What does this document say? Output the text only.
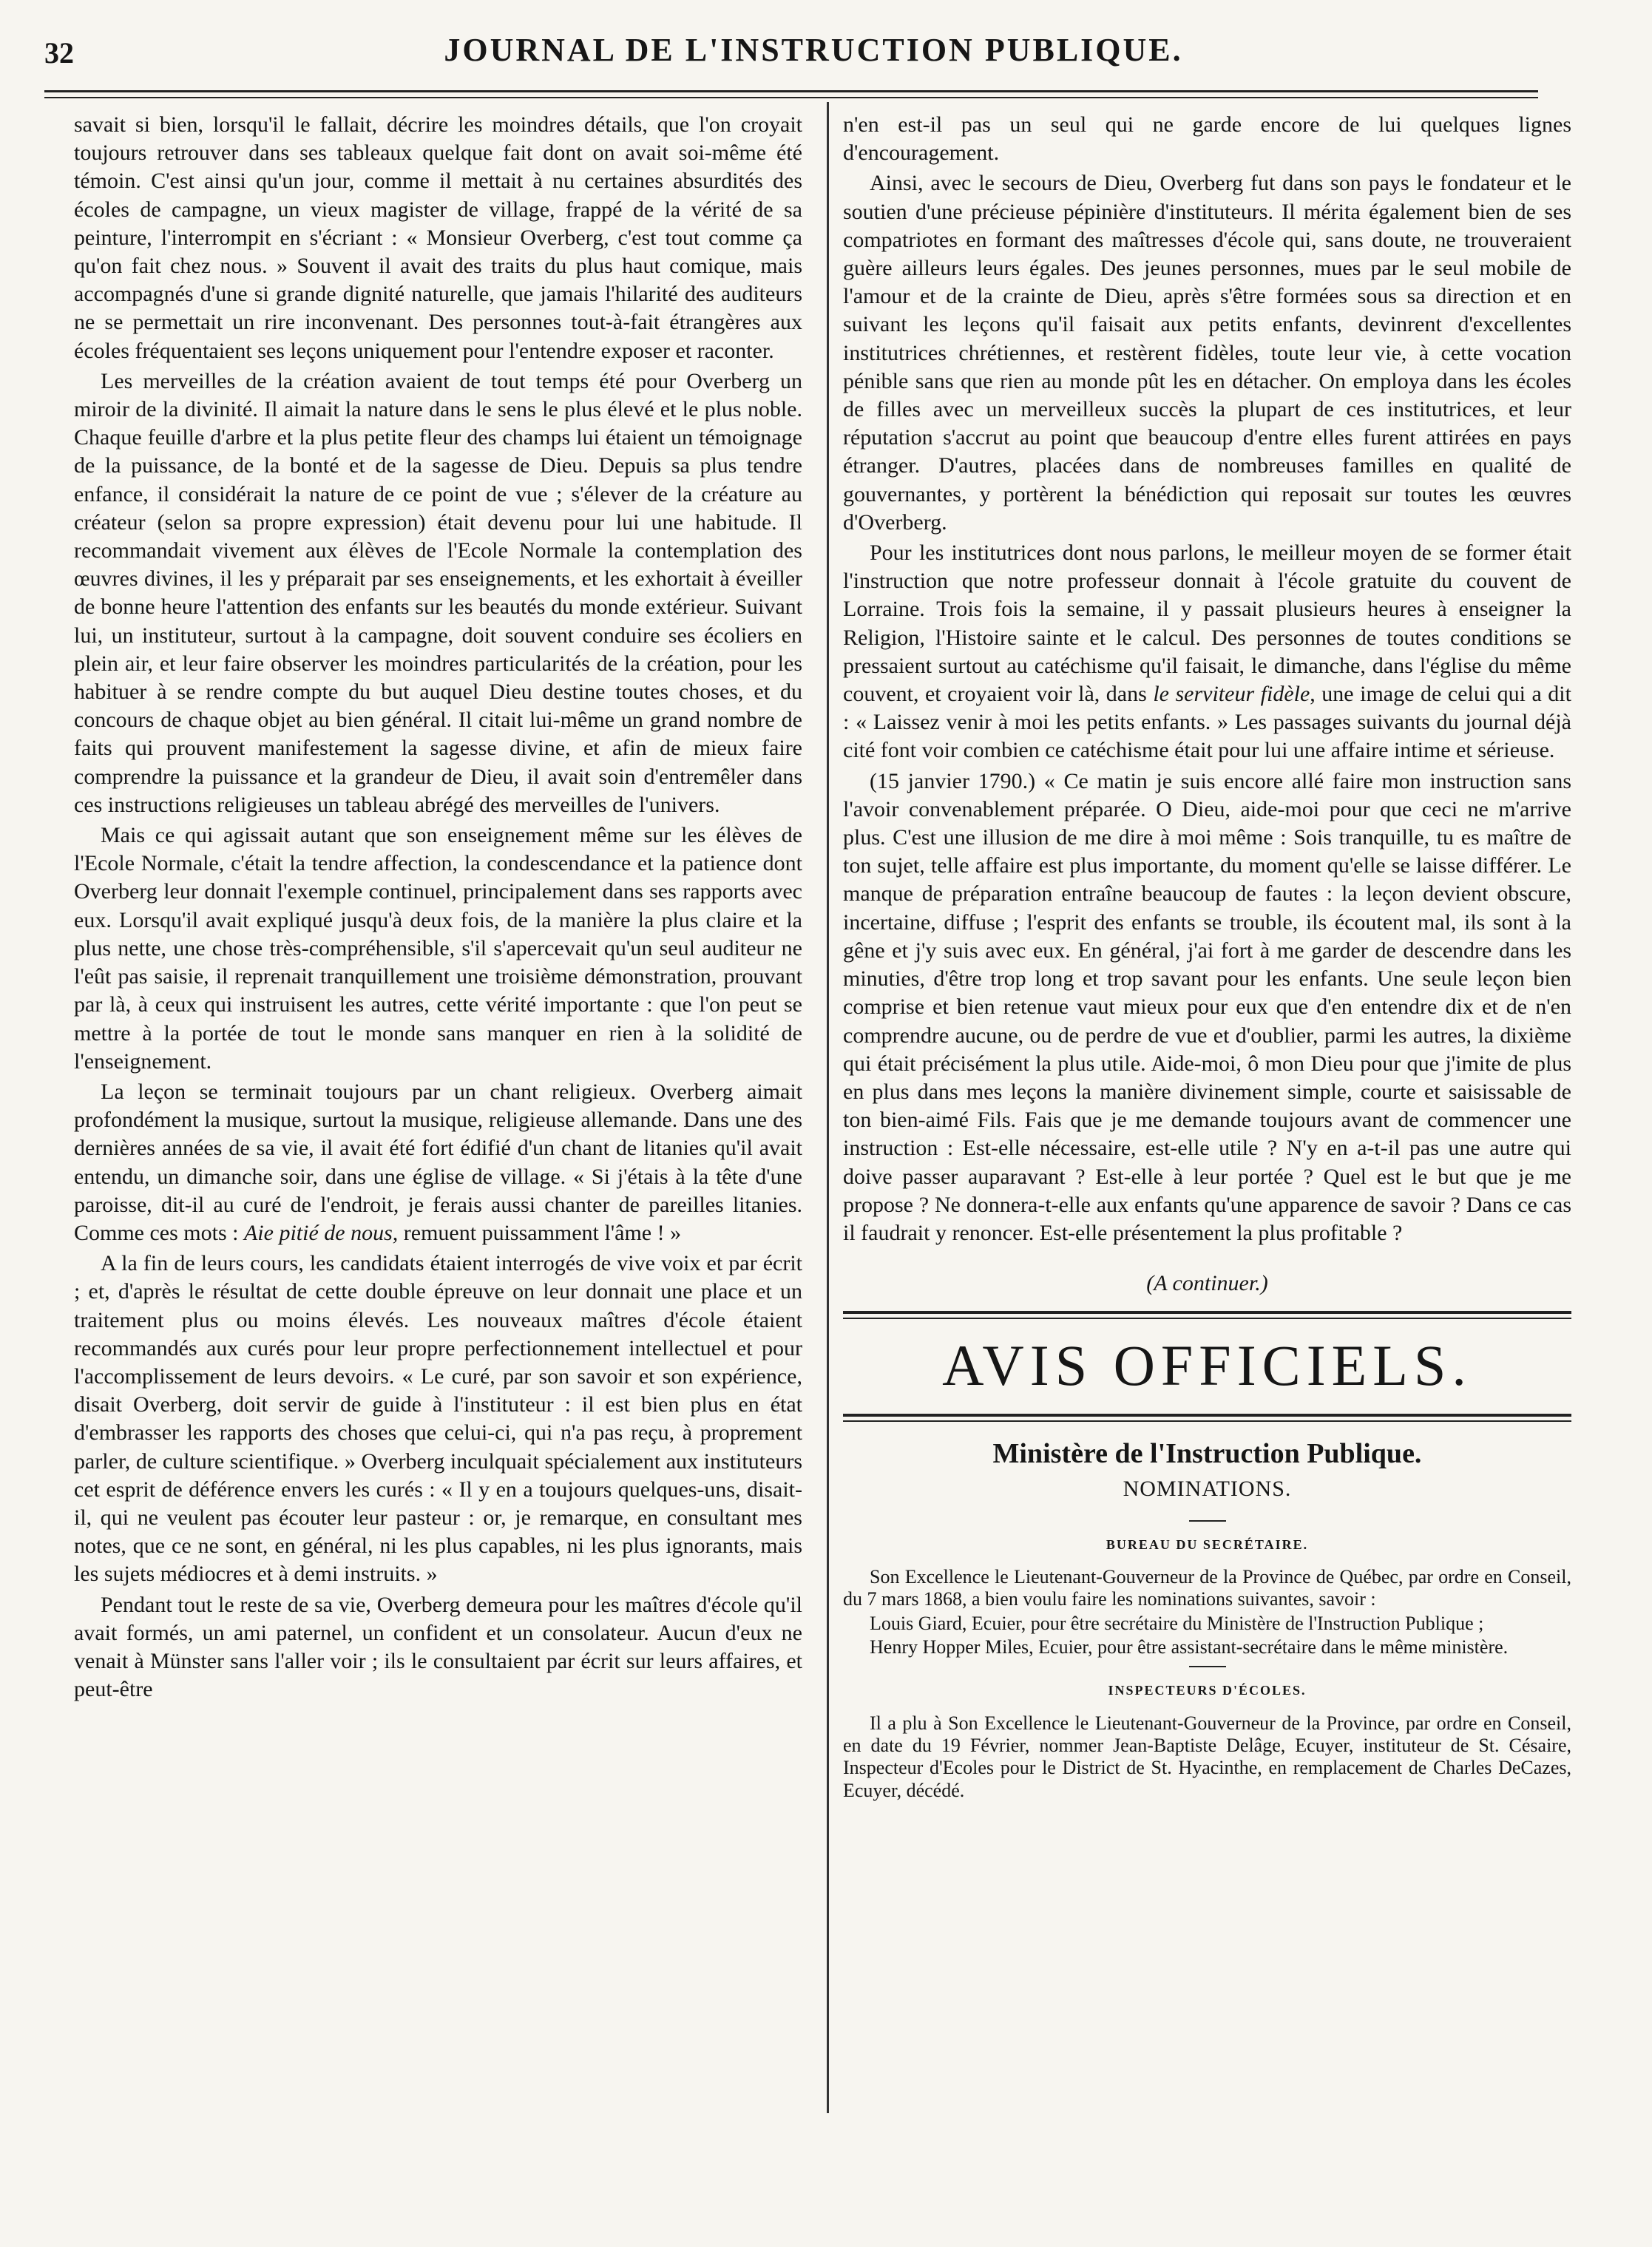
32	JOURNAL DE L'INSTRUCTION PUBLIQUE.

savait si bien, lorsqu'il le fallait, décrire les moindres détails, que l'on croyait toujours retrouver dans ses tableaux quelque fait dont on avait soi-même été témoin. C'est ainsi qu'un jour, comme il mettait à nu certaines absurdités des écoles de campagne, un vieux magister de village, frappé de la vérité de sa peinture, l'interrompit en s'écriant : « Monsieur Overberg, c'est tout comme ça qu'on fait chez nous. » Souvent il avait des traits du plus haut comique, mais accompagnés d'une si grande dignité naturelle, que jamais l'hilarité des auditeurs ne se permettait un rire inconvenant. Des personnes tout-à-fait étrangères aux écoles fréquentaient ses leçons uniquement pour l'entendre exposer et raconter.

Les merveilles de la création avaient de tout temps été pour Overberg un miroir de la divinité. Il aimait la nature dans le sens le plus élevé et le plus noble. Chaque feuille d'arbre et la plus petite fleur des champs lui étaient un témoignage de la puissance, de la bonté et de la sagesse de Dieu. Depuis sa plus tendre enfance, il considérait la nature de ce point de vue ; s'élever de la créature au créateur (selon sa propre expression) était devenu pour lui une habitude. Il recommandait vivement aux élèves de l'Ecole Normale la contemplation des œuvres divines, il les y préparait par ses enseignements, et les exhortait à éveiller de bonne heure l'attention des enfants sur les beautés du monde extérieur. Suivant lui, un instituteur, surtout à la campagne, doit souvent conduire ses écoliers en plein air, et leur faire observer les moindres particularités de la création, pour les habituer à se rendre compte du but auquel Dieu destine toutes choses, et du concours de chaque objet au bien général. Il citait lui-même un grand nombre de faits qui prouvent manifestement la sagesse divine, et afin de mieux faire comprendre la puissance et la grandeur de Dieu, il avait soin d'entremêler dans ces instructions religieuses un tableau abrégé des merveilles de l'univers.

Mais ce qui agissait autant que son enseignement même sur les élèves de l'Ecole Normale, c'était la tendre affection, la condescendance et la patience dont Overberg leur donnait l'exemple continuel, principalement dans ses rapports avec eux. Lorsqu'il avait expliqué jusqu'à deux fois, de la manière la plus claire et la plus nette, une chose très-compréhensible, s'il s'apercevait qu'un seul auditeur ne l'eût pas saisie, il reprenait tranquillement une troisième démonstration, prouvant par là, à ceux qui instruisent les autres, cette vérité importante : que l'on peut se mettre à la portée de tout le monde sans manquer en rien à la solidité de l'enseignement.

La leçon se terminait toujours par un chant religieux. Overberg aimait profondément la musique, surtout la musique, religieuse allemande. Dans une des dernières années de sa vie, il avait été fort édifié d'un chant de litanies qu'il avait entendu, un dimanche soir, dans une église de village. « Si j'étais à la tête d'une paroisse, dit-il au curé de l'endroit, je ferais aussi chanter de pareilles litanies. Comme ces mots : Aie pitié de nous, remuent puissamment l'âme ! »

A la fin de leurs cours, les candidats étaient interrogés de vive voix et par écrit ; et, d'après le résultat de cette double épreuve on leur donnait une place et un traitement plus ou moins élevés. Les nouveaux maîtres d'école étaient recommandés aux curés pour leur propre perfectionnement intellectuel et pour l'accomplissement de leurs devoirs. « Le curé, par son savoir et son expérience, disait Overberg, doit servir de guide à l'instituteur : il est bien plus en état d'embrasser les rapports des choses que celui-ci, qui n'a pas reçu, à proprement parler, de culture scientifique. » Overberg inculquait spécialement aux instituteurs cet esprit de déférence envers les curés : « Il y en a toujours quelques-uns, disait-il, qui ne veulent pas écouter leur pasteur : or, je remarque, en consultant mes notes, que ce ne sont, en général, ni les plus capables, ni les plus ignorants, mais les sujets médiocres et à demi instruits. »

Pendant tout le reste de sa vie, Overberg demeura pour les maîtres d'école qu'il avait formés, un ami paternel, un confident et un consolateur. Aucun d'eux ne venait à Münster sans l'aller voir ; ils le consultaient par écrit sur leurs affaires, et peut-être

n'en est-il pas un seul qui ne garde encore de lui quelques lignes d'encouragement.

Ainsi, avec le secours de Dieu, Overberg fut dans son pays le fondateur et le soutien d'une précieuse pépinière d'instituteurs. Il mérita également bien de ses compatriotes en formant des maîtresses d'école qui, sans doute, ne trouveraient guère ailleurs leurs égales. Des jeunes personnes, mues par le seul mobile de l'amour et de la crainte de Dieu, après s'être formées sous sa direction et en suivant les leçons qu'il faisait aux petits enfants, devinrent d'excellentes institutrices chrétiennes, et restèrent fidèles, toute leur vie, à cette vocation pénible sans que rien au monde pût les en détacher. On employa dans les écoles de filles avec un merveilleux succès la plupart de ces institutrices, et leur réputation s'accrut au point que beaucoup d'entre elles furent attirées en pays étranger. D'autres, placées dans de nombreuses familles en qualité de gouvernantes, y portèrent la bénédiction qui reposait sur toutes les œuvres d'Overberg.

Pour les institutrices dont nous parlons, le meilleur moyen de se former était l'instruction que notre professeur donnait à l'école gratuite du couvent de Lorraine. Trois fois la semaine, il y passait plusieurs heures à enseigner la Religion, l'Histoire sainte et le calcul. Des personnes de toutes conditions se pressaient surtout au catéchisme qu'il faisait, le dimanche, dans l'église du même couvent, et croyaient voir là, dans le serviteur fidèle, une image de celui qui a dit : « Laissez venir à moi les petits enfants. » Les passages suivants du journal déjà cité font voir combien ce catéchisme était pour lui une affaire intime et sérieuse.

(15 janvier 1790.) « Ce matin je suis encore allé faire mon instruction sans l'avoir convenablement préparée. O Dieu, aide-moi pour que ceci ne m'arrive plus. C'est une illusion de me dire à moi même : Sois tranquille, tu es maître de ton sujet, telle affaire est plus importante, du moment qu'elle se laisse différer. Le manque de préparation entraîne beaucoup de fautes : la leçon devient obscure, incertaine, diffuse ; l'esprit des enfants se trouble, ils écoutent mal, ils sont à la gêne et j'y suis avec eux. En général, j'ai fort à me garder de descendre dans les minuties, d'être trop long et trop savant pour les enfants. Une seule leçon bien comprise et bien retenue vaut mieux pour eux que d'en entendre dix et de n'en comprendre aucune, ou de perdre de vue et d'oublier, parmi les autres, la dixième qui était précisément la plus utile. Aide-moi, ô mon Dieu pour que j'imite de plus en plus dans mes leçons la manière divinement simple, courte et saisissable de ton bien-aimé Fils. Fais que je me demande toujours avant de commencer une instruction : Est-elle nécessaire, est-elle utile ? N'y en a-t-il pas une autre qui doive passer auparavant ? Est-elle à leur portée ? Quel est le but que je me propose ? Ne donnera-t-elle aux enfants qu'une apparence de savoir ? Dans ce cas il faudrait y renoncer. Est-elle présentement la plus profitable ?

(A continuer.)
AVIS OFFICIELS.
Ministère de l'Instruction Publique.
NOMINATIONS.
BUREAU DU SECRÉTAIRE.

Son Excellence le Lieutenant-Gouverneur de la Province de Québec, par ordre en Conseil, du 7 mars 1868, a bien voulu faire les nominations suivantes, savoir :

Louis Giard, Ecuier, pour être secrétaire du Ministère de l'Instruction Publique ;

Henry Hopper Miles, Ecuier, pour être assistant-secrétaire dans le même ministère.

INSPECTEURS D'ÉCOLES.

Il a plu à Son Excellence le Lieutenant-Gouverneur de la Province, par ordre en Conseil, en date du 19 Février, nommer Jean-Baptiste Delâge, Ecuyer, instituteur de St. Césaire, Inspecteur d'Ecoles pour le District de St. Hyacinthe, en remplacement de Charles DeCazes, Ecuyer, décédé.
